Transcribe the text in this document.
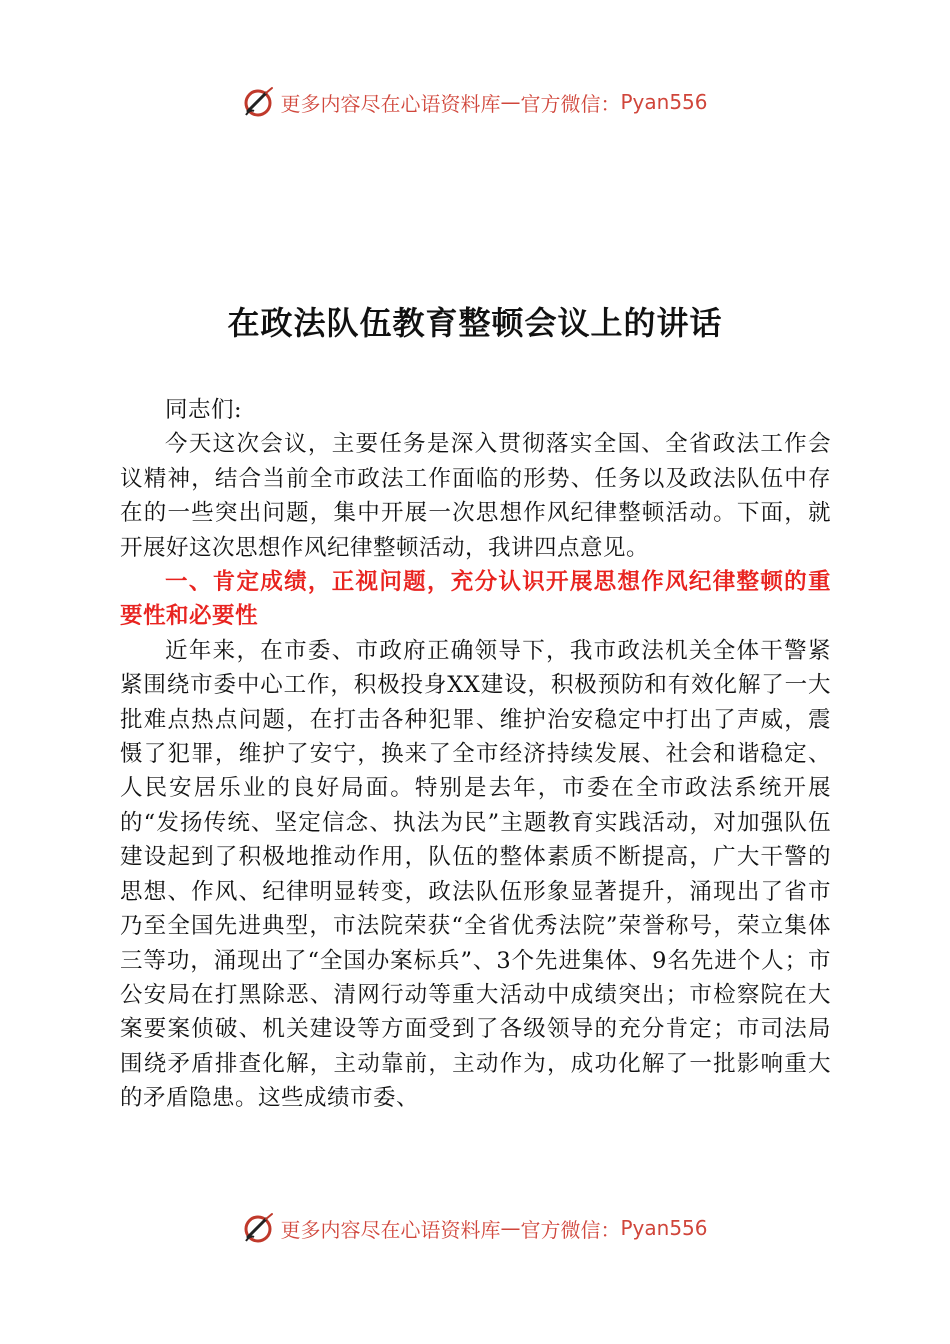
更多内容尽在心语资料库 — 官方微信： Pyan556
在政法队伍教育整顿会议上的讲话

同志们:

今天这次会议，主要任务是深入贯彻落实全国、全省政法工作会议精神，结合当前全市政法工作面临的形势、任务以及政法队伍中存在的一些突出问题，集中开展一次思想作风纪律整顿活动。下面，就开展好这次思想作风纪律整顿活动，我讲四点意见。

一、肯定成绩，正视问题，充分认识开展思想作风纪律整顿的重要性和必要性

近年来，在市委、市政府正确领导下，我市政法机关全体干警紧紧围绕市委中心工作，积极投身XX建设，积极预防和有效化解了一大批难点热点问题，在打击各种犯罪、维护治安稳定中打出了声威，震慑了犯罪，维护了安宁，换来了全市经济持续发展、社会和谐稳定、人民安居乐业的良好局面。特别是去年，市委在全市政法系统开展的“发扬传统、坚定信念、执法为民”主题教育实践活动，对加强队伍建设起到了积极地推动作用，队伍的整体素质不断提高，广大干警的思想、作风、纪律明显转变，政法队伍形象显著提升，涌现出了省市乃至全国先进典型，市法院荣获“全省优秀法院”荣誉称号，荣立集体三等功，涌现出了“全国办案标兵”、3个先进集体、9名先进个人；市公安局在打黑除恶、清网行动等重大活动中成绩突出；市检察院在大案要案侦破、机关建设等方面受到了各级领导的充分肯定；市司法局围绕矛盾排查化解，主动靠前，主动作为，成功化解了一批影响重大的矛盾隐患。这些成绩市委、

更多内容尽在心语资料库 — 官方微信： Pyan556
